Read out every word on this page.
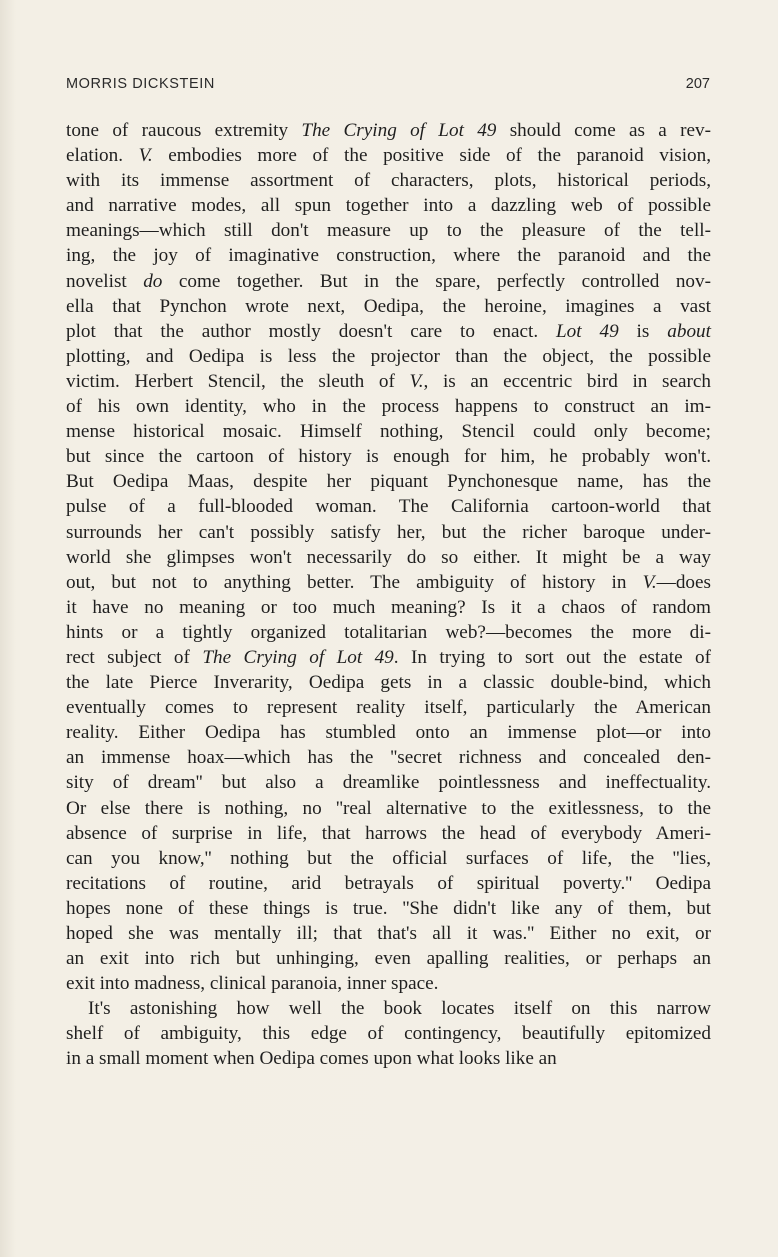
MORRIS DICKSTEIN	207
tone of raucous extremity The Crying of Lot 49 should come as a rev-
elation. V. embodies more of the positive side of the paranoid vision,
with its immense assortment of characters, plots, historical periods,
and narrative modes, all spun together into a dazzling web of possible
meanings—which still don't measure up to the pleasure of the tell-
ing, the joy of imaginative construction, where the paranoid and the
novelist do come together. But in the spare, perfectly controlled nov-
ella that Pynchon wrote next, Oedipa, the heroine, imagines a vast
plot that the author mostly doesn't care to enact. Lot 49 is about
plotting, and Oedipa is less the projector than the object, the possible
victim. Herbert Stencil, the sleuth of V., is an eccentric bird in search
of his own identity, who in the process happens to construct an im-
mense historical mosaic. Himself nothing, Stencil could only become;
but since the cartoon of history is enough for him, he probably won't.
But Oedipa Maas, despite her piquant Pynchonesque name, has the
pulse of a full-blooded woman. The California cartoon-world that
surrounds her can't possibly satisfy her, but the richer baroque under-
world she glimpses won't necessarily do so either. It might be a way
out, but not to anything better. The ambiguity of history in V.—does
it have no meaning or too much meaning? Is it a chaos of random
hints or a tightly organized totalitarian web?—becomes the more di-
rect subject of The Crying of Lot 49. In trying to sort out the estate of
the late Pierce Inverarity, Oedipa gets in a classic double-bind, which
eventually comes to represent reality itself, particularly the American
reality. Either Oedipa has stumbled onto an immense plot—or into
an immense hoax—which has the ''secret richness and concealed den-
sity of dream'' but also a dreamlike pointlessness and ineffectuality.
Or else there is nothing, no ''real alternative to the exitlessness, to the
absence of surprise in life, that harrows the head of everybody Ameri-
can you know,'' nothing but the official surfaces of life, the ''lies,
recitations of routine, arid betrayals of spiritual poverty.'' Oedipa
hopes none of these things is true. ''She didn't like any of them, but
hoped she was mentally ill; that that's all it was.'' Either no exit, or
an exit into rich but unhinging, even apalling realities, or perhaps an
exit into madness, clinical paranoia, inner space.
It's astonishing how well the book locates itself on this narrow
shelf of ambiguity, this edge of contingency, beautifully epitomized
in a small moment when Oedipa comes upon what looks like an
